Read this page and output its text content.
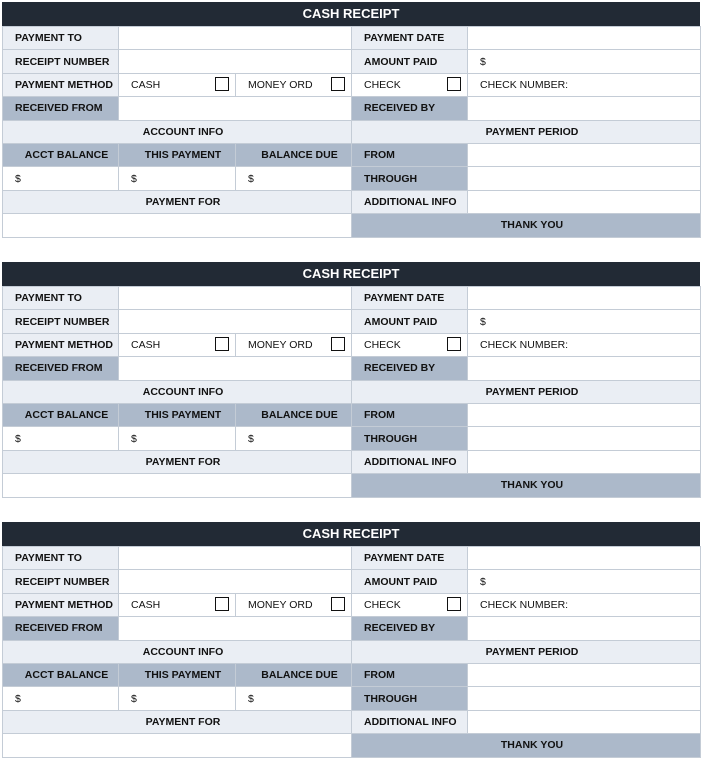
CASH RECEIPT
PAYMENT TO			PAYMENT DATE	
RECEIPT NUMBER			AMOUNT PAID	$
PAYMENT METHOD	CASH	MONEY ORD	CHECK	CHECK NUMBER:
RECEIVED FROM			RECEIVED BY	
ACCOUNT INFO			PAYMENT PERIOD	
ACCT BALANCE	THIS PAYMENT	BALANCE DUE	FROM	
$	$	$	THROUGH	
PAYMENT FOR			ADDITIONAL INFO	
			THANK YOU	
CASH RECEIPT
PAYMENT TO			PAYMENT DATE	
RECEIPT NUMBER			AMOUNT PAID	$
PAYMENT METHOD	CASH	MONEY ORD	CHECK	CHECK NUMBER:
RECEIVED FROM			RECEIVED BY	
ACCOUNT INFO			PAYMENT PERIOD	
ACCT BALANCE	THIS PAYMENT	BALANCE DUE	FROM	
$	$	$	THROUGH	
PAYMENT FOR			ADDITIONAL INFO	
			THANK YOU	
CASH RECEIPT
PAYMENT TO			PAYMENT DATE	
RECEIPT NUMBER			AMOUNT PAID	$
PAYMENT METHOD	CASH	MONEY ORD	CHECK	CHECK NUMBER:
RECEIVED FROM			RECEIVED BY	
ACCOUNT INFO			PAYMENT PERIOD	
ACCT BALANCE	THIS PAYMENT	BALANCE DUE	FROM	
$	$	$	THROUGH	
PAYMENT FOR			ADDITIONAL INFO	
			THANK YOU	
